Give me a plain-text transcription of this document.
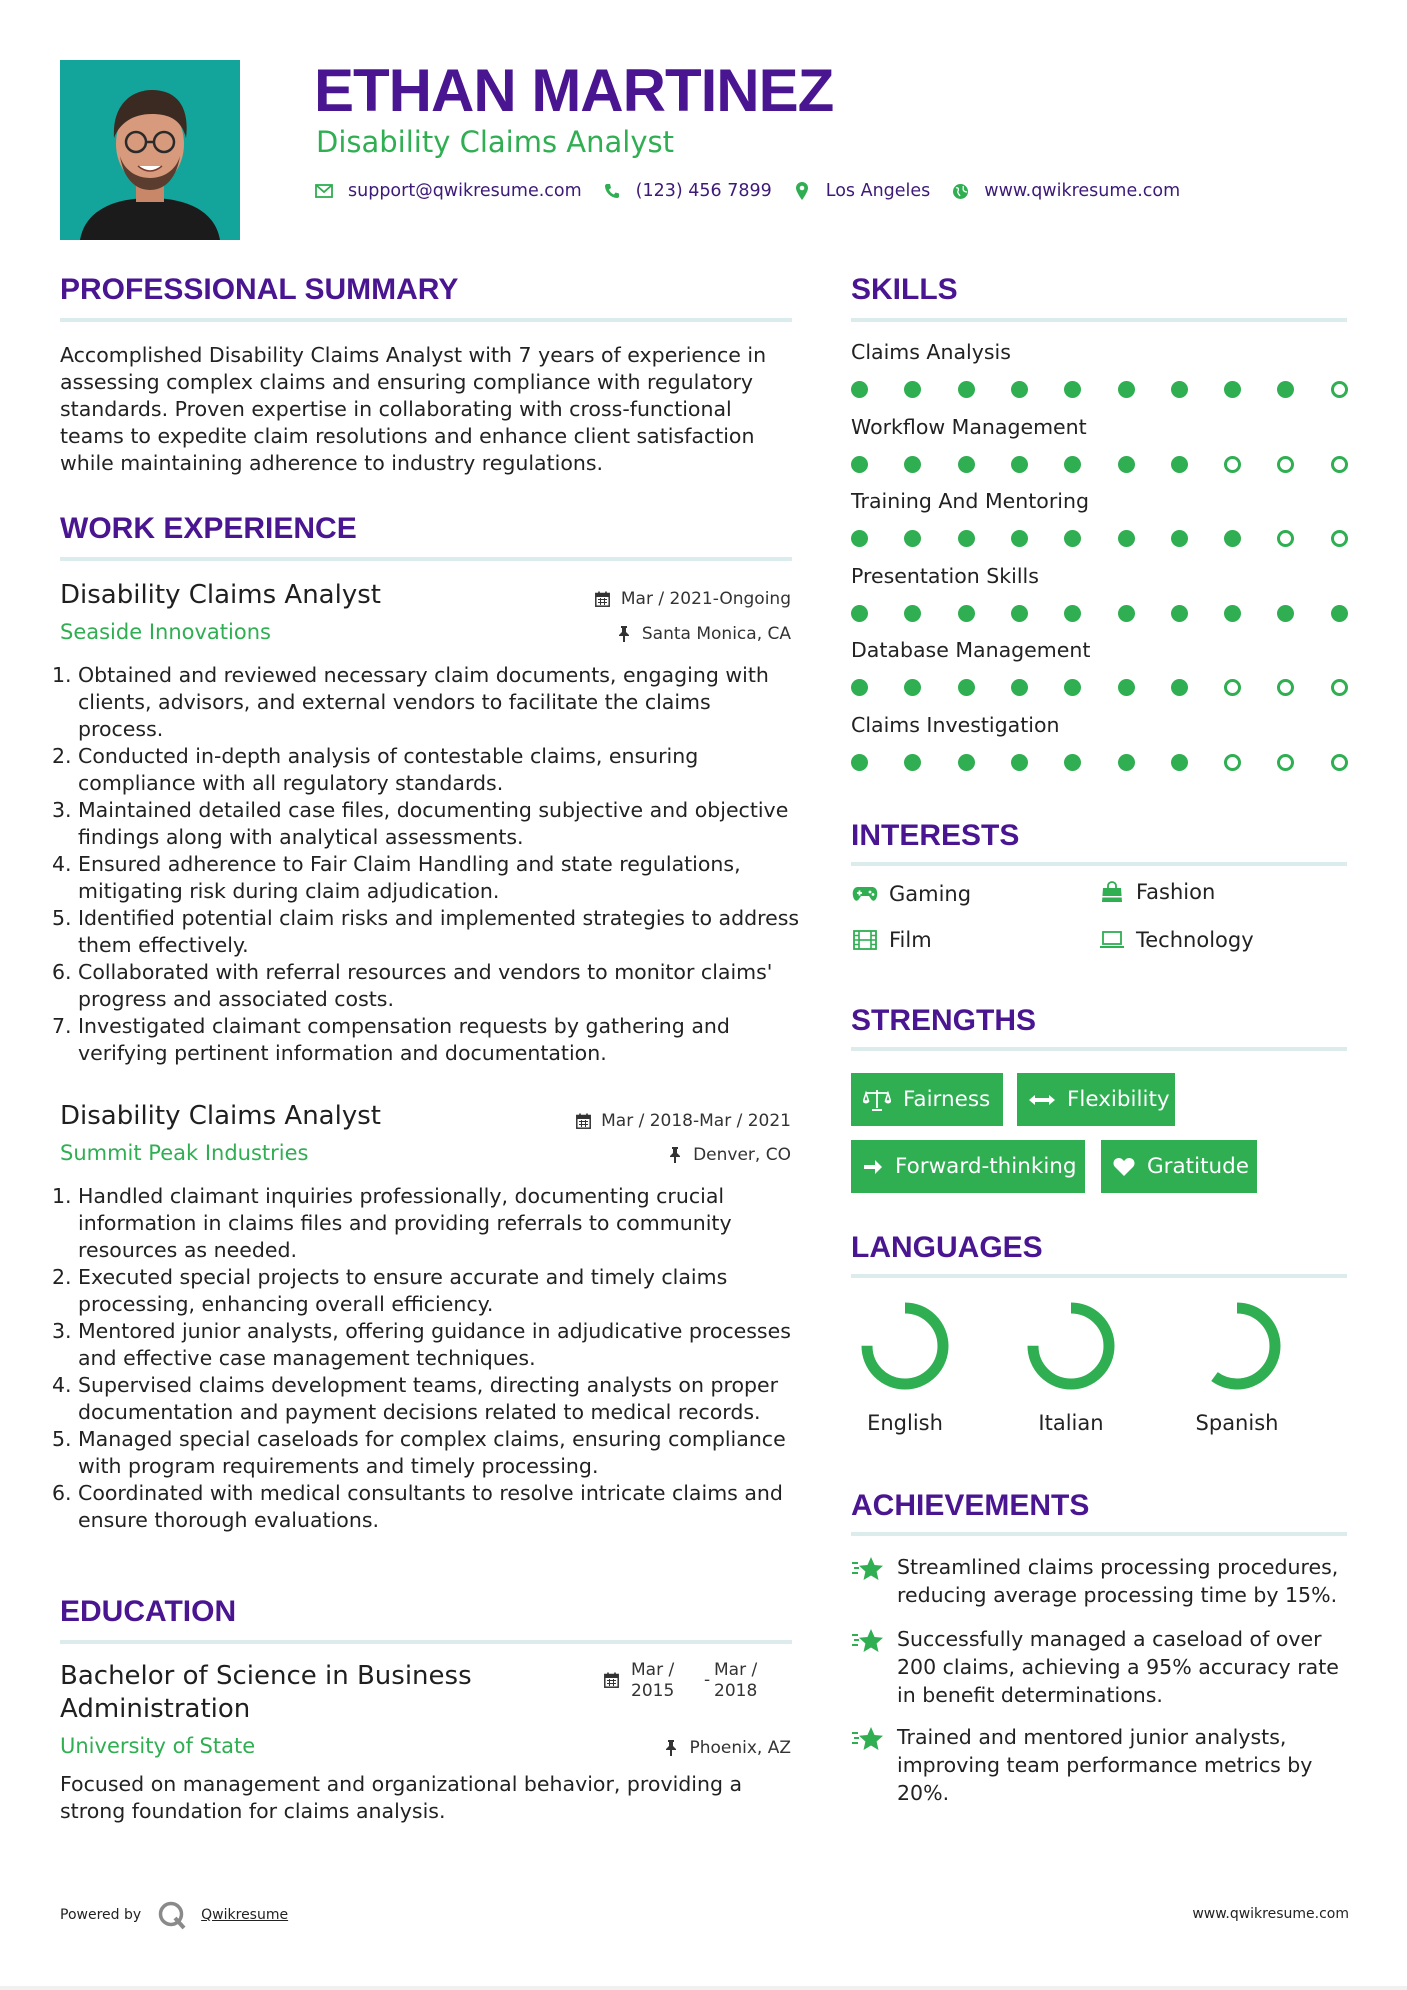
ETHAN MARTINEZ
Disability Claims Analyst
support@qwikresume.com	(123) 456 7899	Los Angeles	www.qwikresume.com
PROFESSIONAL SUMMARY
Accomplished Disability Claims Analyst with 7 years of experience in assessing complex claims and ensuring compliance with regulatory standards. Proven expertise in collaborating with cross-functional teams to expedite claim resolutions and enhance client satisfaction while maintaining adherence to industry regulations.
WORK EXPERIENCE
Disability Claims Analyst	Mar / 2021-Ongoing
Seaside Innovations	Santa Monica, CA
1. Obtained and reviewed necessary claim documents, engaging with clients, advisors, and external vendors to facilitate the claims process.
2. Conducted in-depth analysis of contestable claims, ensuring compliance with all regulatory standards.
3. Maintained detailed case files, documenting subjective and objective findings along with analytical assessments.
4. Ensured adherence to Fair Claim Handling and state regulations, mitigating risk during claim adjudication.
5. Identified potential claim risks and implemented strategies to address them effectively.
6. Collaborated with referral resources and vendors to monitor claims' progress and associated costs.
7. Investigated claimant compensation requests by gathering and verifying pertinent information and documentation.
Disability Claims Analyst	Mar / 2018-Mar / 2021
Summit Peak Industries	Denver, CO
1. Handled claimant inquiries professionally, documenting crucial information in claims files and providing referrals to community resources as needed.
2. Executed special projects to ensure accurate and timely claims processing, enhancing overall efficiency.
3. Mentored junior analysts, offering guidance in adjudicative processes and effective case management techniques.
4. Supervised claims development teams, directing analysts on proper documentation and payment decisions related to medical records.
5. Managed special caseloads for complex claims, ensuring compliance with program requirements and timely processing.
6. Coordinated with medical consultants to resolve intricate claims and ensure thorough evaluations.
EDUCATION
Bachelor of Science in Business
Administration
Mar /
2015
- Mar /
2018
University of State	Phoenix, AZ
Focused on management and organizational behavior, providing a strong foundation for claims analysis.
SKILLS
Claims Analysis
Workflow Management
Training And Mentoring
Presentation Skills
Database Management
Claims Investigation
INTERESTS
Gaming	Fashion
Film	Technology
STRENGTHS
Fairness	Flexibility
Forward-thinking	Gratitude
LANGUAGES
English	Italian	Spanish
ACHIEVEMENTS
Streamlined claims processing procedures, reducing average processing time by 15%.
Successfully managed a caseload of over 200 claims, achieving a 95% accuracy rate in benefit determinations.
Trained and mentored junior analysts, improving team performance metrics by 20%.
Powered by	Qwikresume	www.qwikresume.com
